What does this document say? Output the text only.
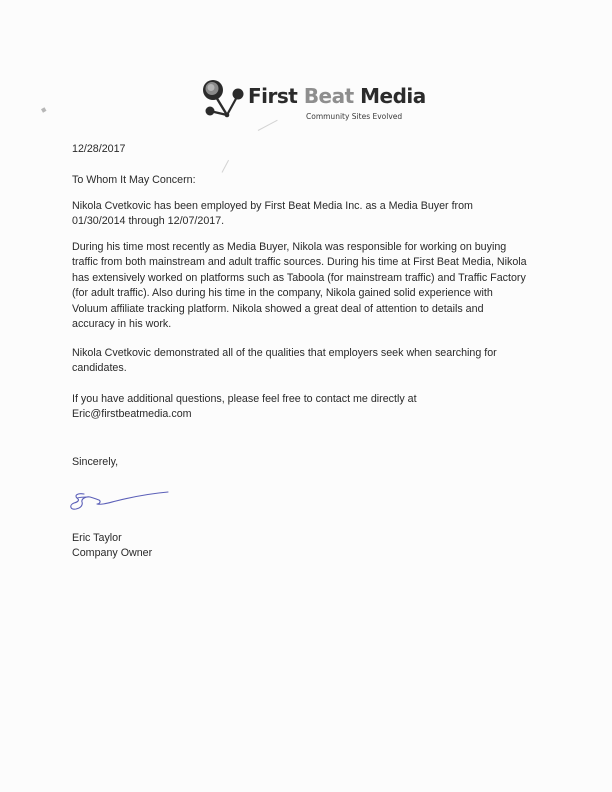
First Beat Media
Community Sites Evolved
12/28/2017
To Whom It May Concern:
Nikola Cvetkovic has been employed by First Beat Media Inc. as a Media Buyer from
01/30/2014 through 12/07/2017.
During his time most recently as Media Buyer, Nikola was responsible for working on buying
traffic from both mainstream and adult traffic sources. During his time at First Beat Media, Nikola
has extensively worked on platforms such as Taboola (for mainstream traffic) and Traffic Factory
(for adult traffic). Also during his time in the company, Nikola gained solid experience with
Voluum affiliate tracking platform. Nikola showed a great deal of attention to details and
accuracy in his work.
Nikola Cvetkovic demonstrated all of the qualities that employers seek when searching for
candidates.
If you have additional questions, please feel free to contact me directly at
Eric@firstbeatmedia.com
Sincerely,
Eric Taylor
Company Owner
